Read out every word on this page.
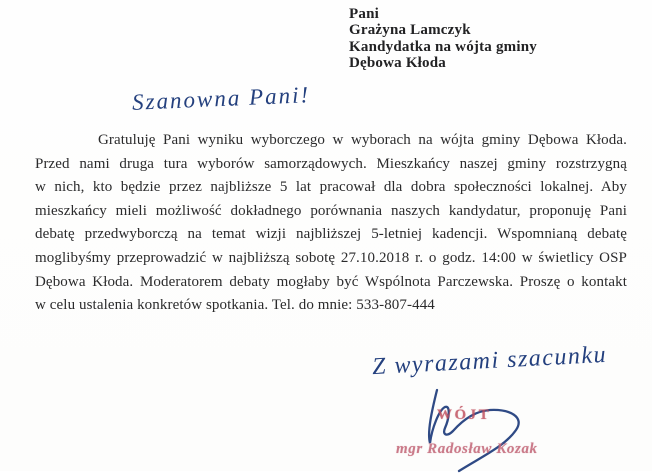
Pani
Grażyna Lamczyk
Kandydatka na wójta gminy
Dębowa Kłoda
Szanowna Pani!
Gratuluję Pani wyniku wyborczego w wyborach na wójta gminy Dębowa Kłoda.
Przed nami druga tura wyborów samorządowych. Mieszkańcy naszej gminy rozstrzygną
w nich, kto będzie przez najbliższe 5 lat pracował dla dobra społeczności lokalnej. Aby
mieszkańcy mieli możliwość dokładnego porównania naszych kandydatur, proponuję Pani
debatę przedwyborczą na temat wizji najbliższej 5-letniej kadencji. Wspomnianą debatę
moglibyśmy przeprowadzić w najbliższą sobotę 27.10.2018 r. o godz. 14:00 w świetlicy OSP
Dębowa Kłoda. Moderatorem debaty mogłaby być Wspólnota Parczewska. Proszę o kontakt
w celu ustalenia konkretów spotkania. Tel. do mnie: 533-807-444
Z wyrazami szacunku
WÓJT
mgr Radosław Kozak
